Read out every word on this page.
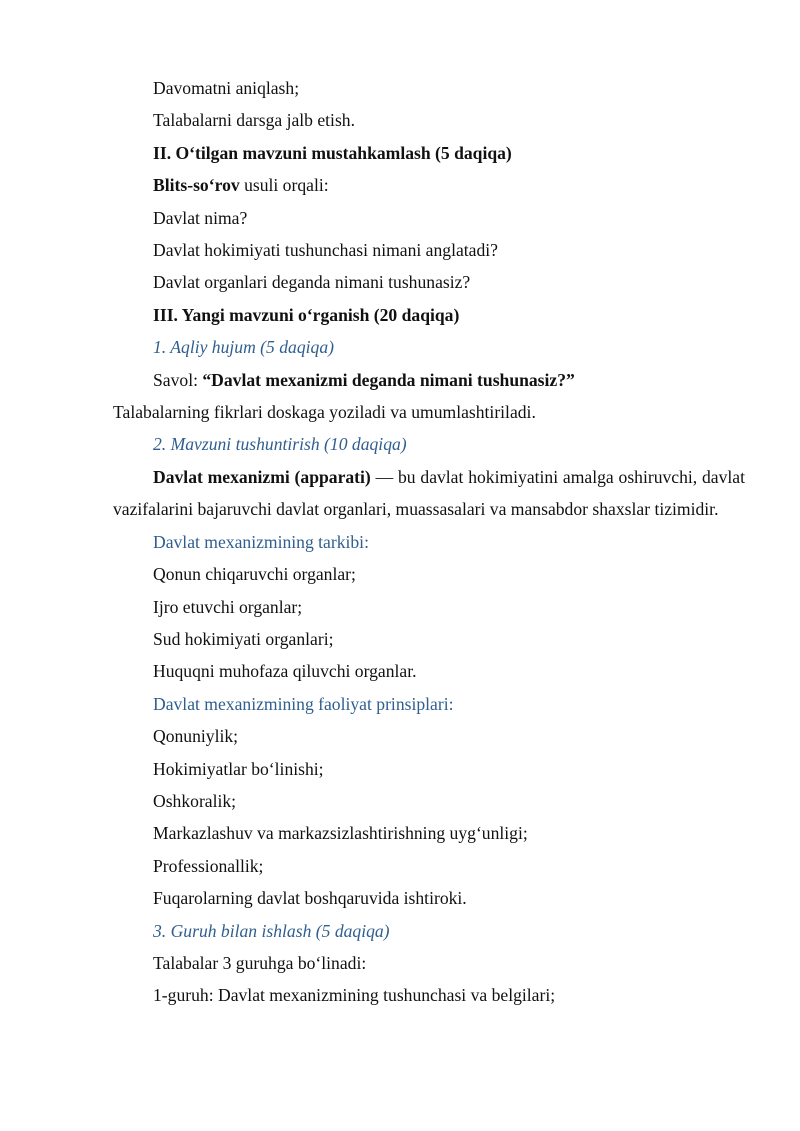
Davomatni aniqlash;
Talabalarni darsga jalb etish.
II. O‘tilgan mavzuni mustahkamlash (5 daqiqa)
Blits-so‘rov usuli orqali:
Davlat nima?
Davlat hokimiyati tushunchasi nimani anglatadi?
Davlat organlari deganda nimani tushunasiz?
III. Yangi mavzuni o‘rganish (20 daqiqa)
1. Aqliy hujum (5 daqiqa)
Savol: “Davlat mexanizmi deganda nimani tushunasiz?”
Talabalarning fikrlari doskaga yoziladi va umumlashtiriladi.
2. Mavzuni tushuntirish (10 daqiqa)

Davlat mexanizmi (apparati) — bu davlat hokimiyatini amalga oshiruvchi, davlat vazifalarini bajaruvchi davlat organlari, muassasalari va mansabdor shaxslar tizimidir.

Davlat mexanizmining tarkibi:
Qonun chiqaruvchi organlar;
Ijro etuvchi organlar;
Sud hokimiyati organlari;
Huquqni muhofaza qiluvchi organlar.
Davlat mexanizmining faoliyat prinsiplari:
Qonuniylik;
Hokimiyatlar bo‘linishi;
Oshkoralik;
Markazlashuv va markazsizlashtirishning uyg‘unligi;
Professionallik;
Fuqarolarning davlat boshqaruvida ishtiroki.
3. Guruh bilan ishlash (5 daqiqa)
Talabalar 3 guruhga bo‘linadi:
1-guruh: Davlat mexanizmining tushunchasi va belgilari;
